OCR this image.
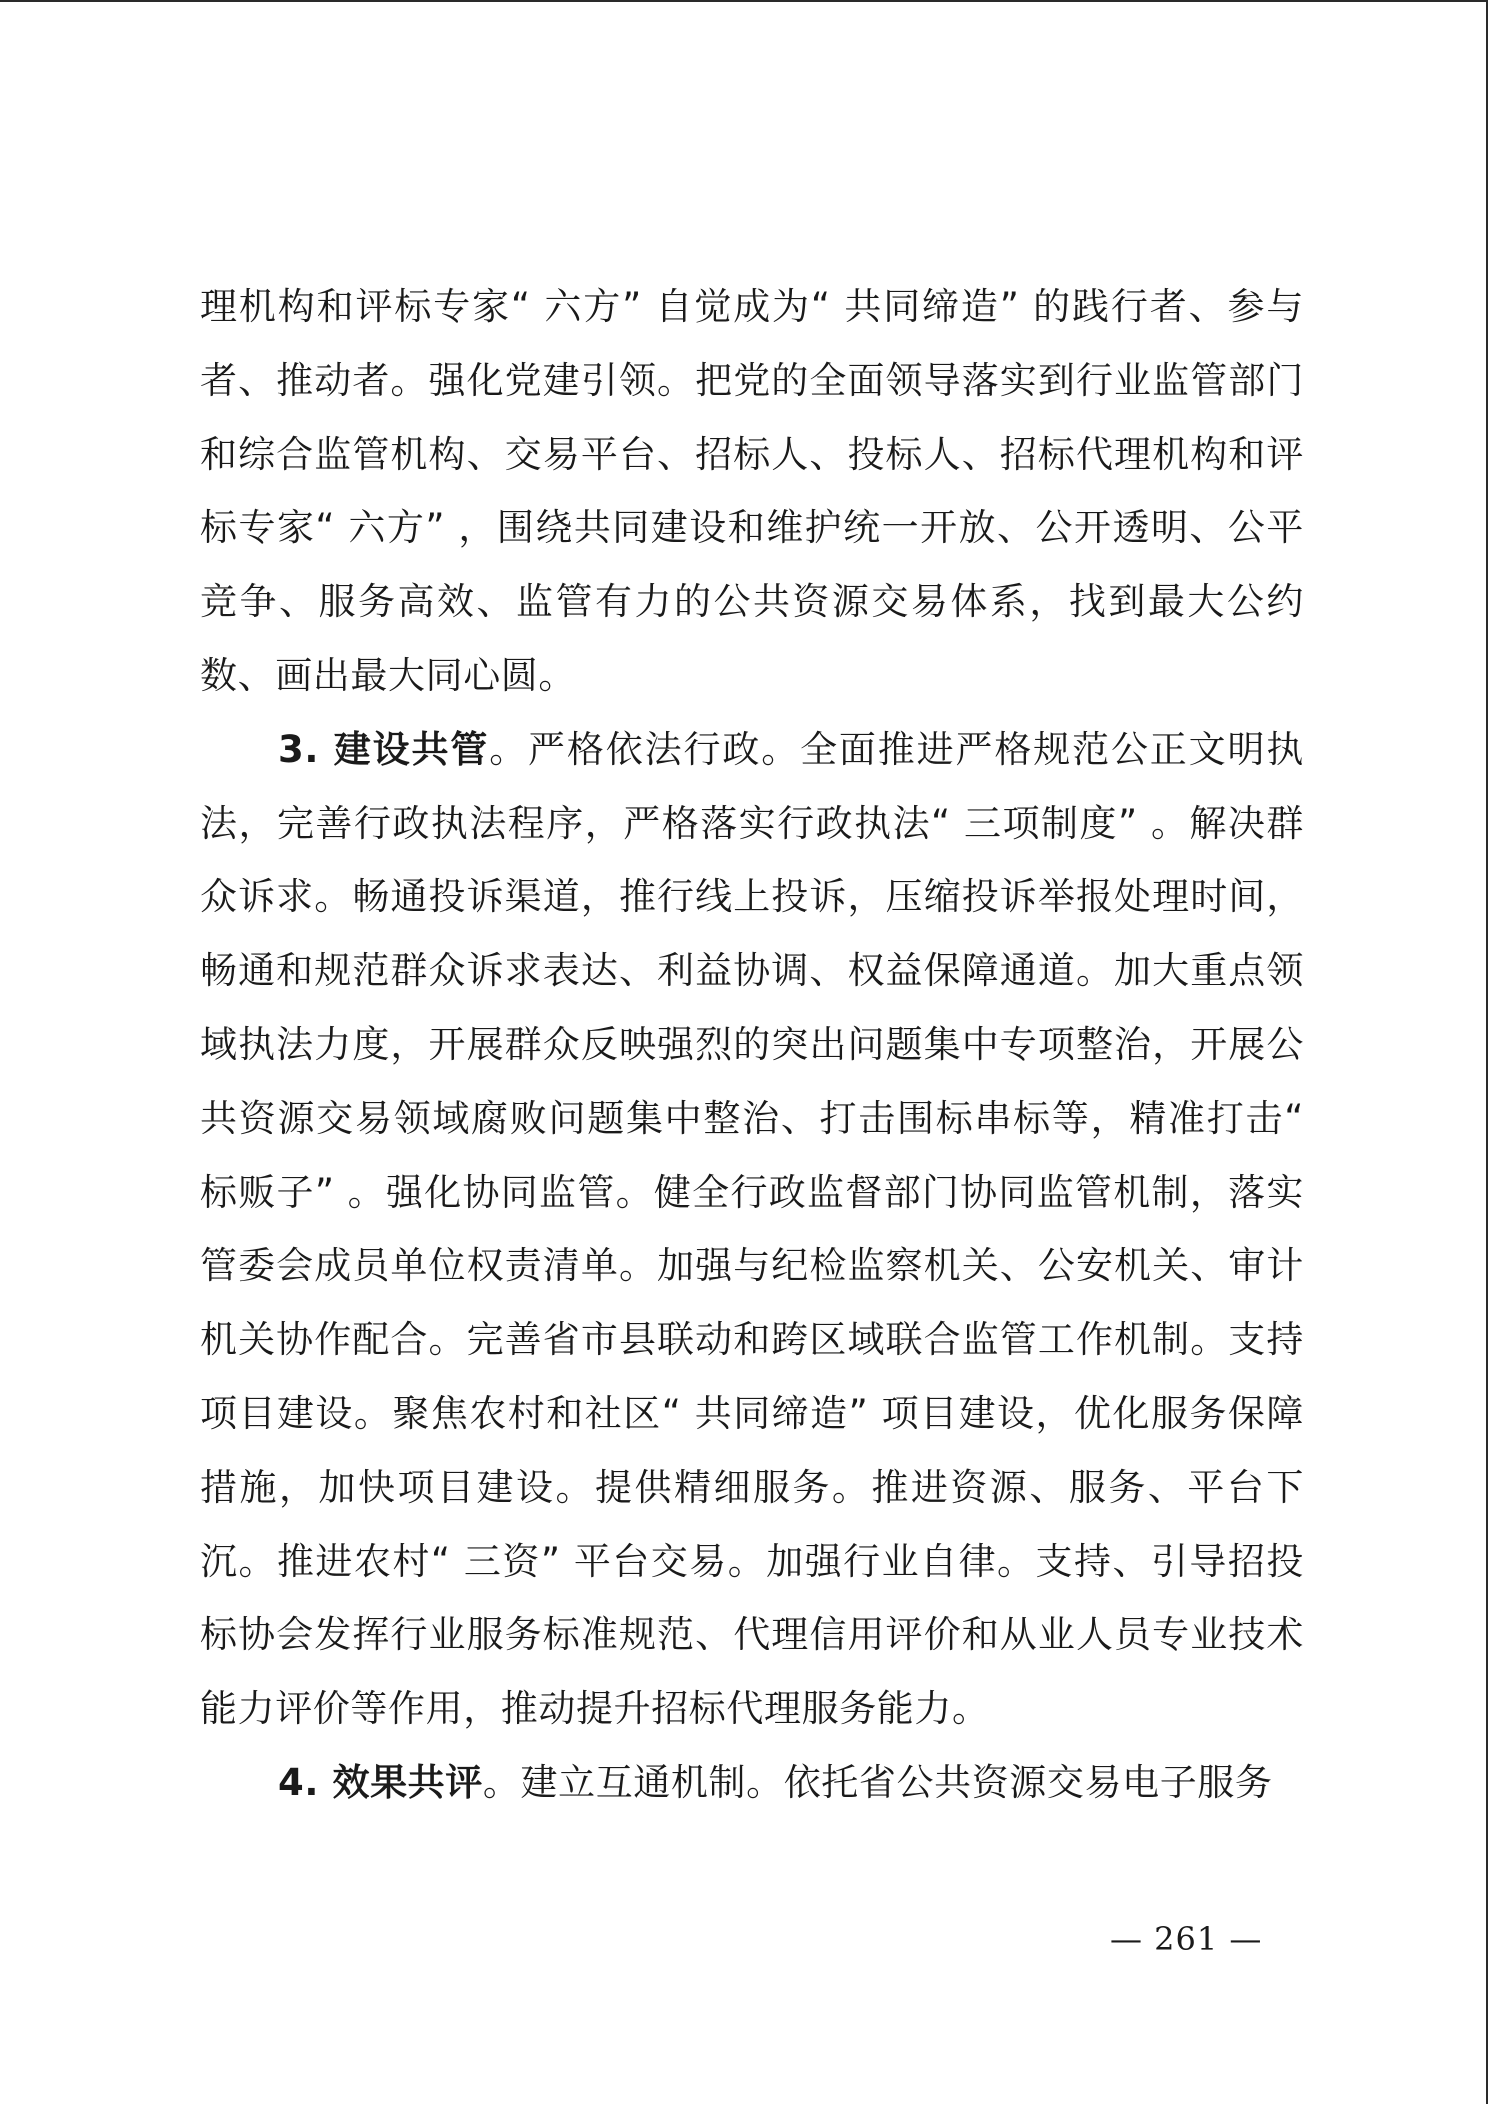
理机构和评标专家“ 六方” 自觉成为“ 共同缔造” 的践行者、参与者、推动者。强化党建引领。把党的全面领导落实到行业监管部门和综合监管机构、交易平台、招标人、投标人、招标代理机构和评标专家“ 六方” ，围绕共同建设和维护统一开放、公开透明、公平竞争、服务高效、监管有力的公共资源交易体系，找到最大公约数、画出最大同心圆。

3. 建设共管。严格依法行政。全面推进严格规范公正文明执法，完善行政执法程序，严格落实行政执法“ 三项制度” 。解决群众诉求。畅通投诉渠道，推行线上投诉，压缩投诉举报处理时间，畅通和规范群众诉求表达、利益协调、权益保障通道。加大重点领域执法力度，开展群众反映强烈的突出问题集中专项整治，开展公共资源交易领域腐败问题集中整治、打击围标串标等，精准打击“ 标贩子” 。强化协同监管。健全行政监督部门协同监管机制，落实管委会成员单位权责清单。加强与纪检监察机关、公安机关、审计机关协作配合。完善省市县联动和跨区域联合监管工作机制。支持项目建设。聚焦农村和社区“ 共同缔造” 项目建设，优化服务保障措施，加快项目建设。提供精细服务。推进资源、服务、平台下沉。推进农村“ 三资” 平台交易。加强行业自律。支持、引导招投标协会发挥行业服务标准规范、代理信用评价和从业人员专业技术能力评价等作用，推动提升招标代理服务能力。

4. 效果共评。建立互通机制。依托省公共资源交易电子服务

— 261 —
